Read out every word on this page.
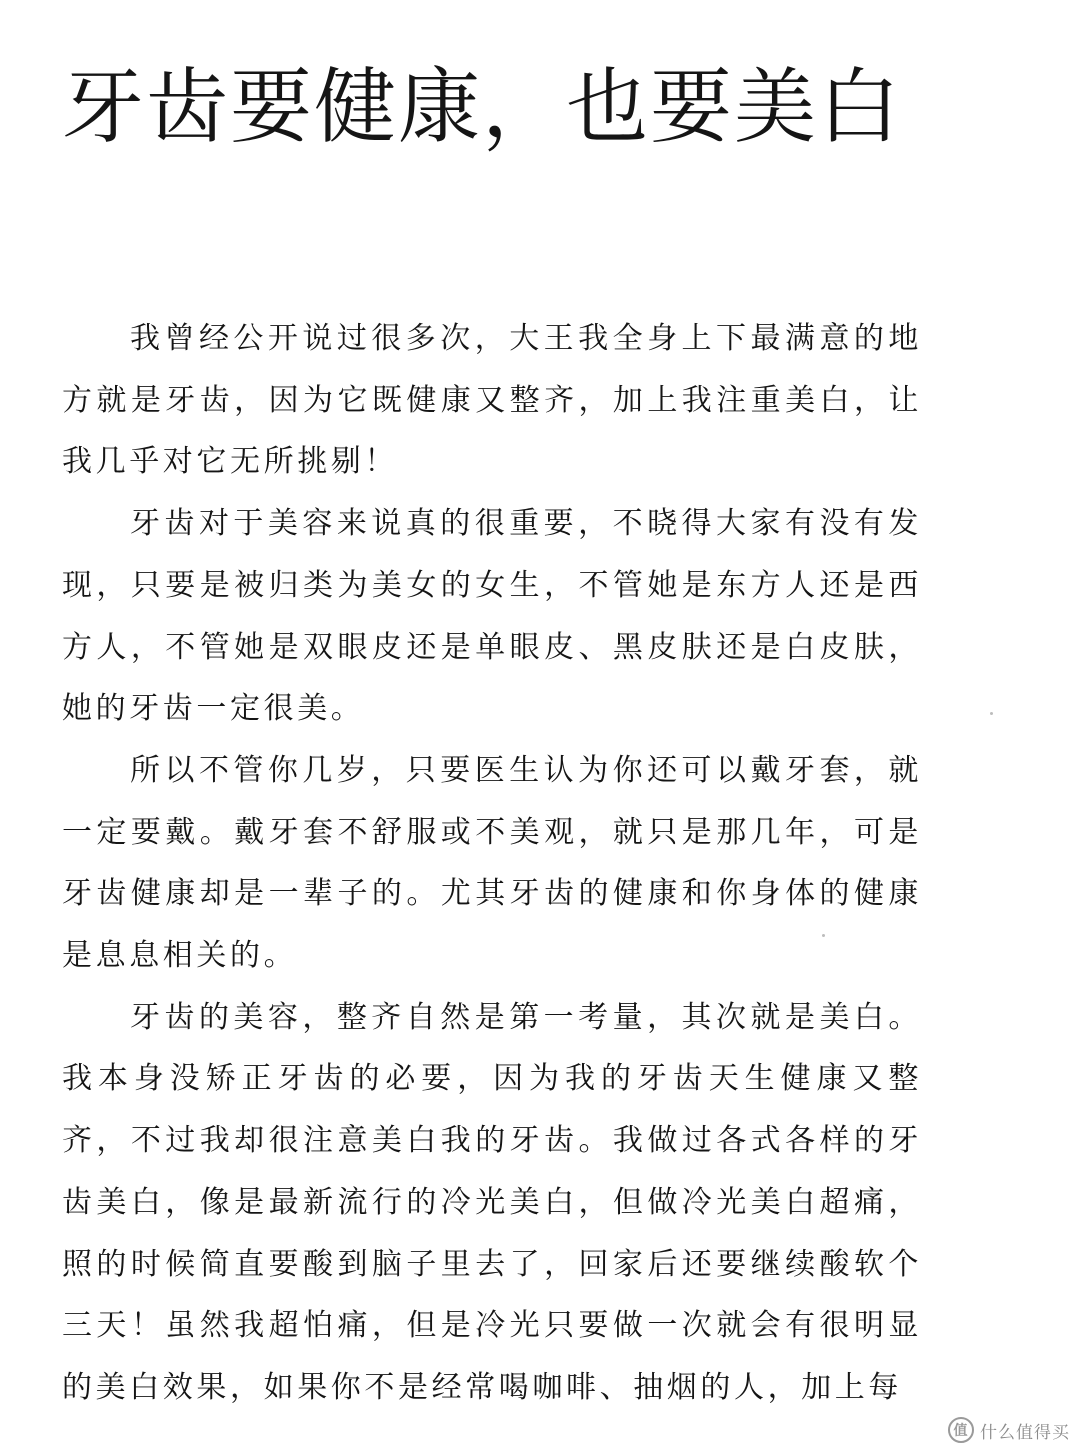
牙齿要健康，也要美白

我曾经公开说过很多次，大王我全身上下最满意的地方就是牙齿，因为它既健康又整齐，加上我注重美白，让我几乎对它无所挑剔！

牙齿对于美容来说真的很重要，不晓得大家有没有发现，只要是被归类为美女的女生，不管她是东方人还是西方人，不管她是双眼皮还是单眼皮、黑皮肤还是白皮肤，她的牙齿一定很美。

所以不管你几岁，只要医生认为你还可以戴牙套，就一定要戴。戴牙套不舒服或不美观，就只是那几年，可是牙齿健康却是一辈子的。尤其牙齿的健康和你身体的健康是息息相关的。

牙齿的美容，整齐自然是第一考量，其次就是美白。我本身没矫正牙齿的必要，因为我的牙齿天生健康又整齐，不过我却很注意美白我的牙齿。我做过各式各样的牙齿美白，像是最新流行的冷光美白，但做冷光美白超痛，照的时候简直要酸到脑子里去了，回家后还要继续酸软个三天！虽然我超怕痛，但是冷光只要做一次就会有很明显的美白效果，如果你不是经常喝咖啡、抽烟的人，加上每

值 什么值得买
